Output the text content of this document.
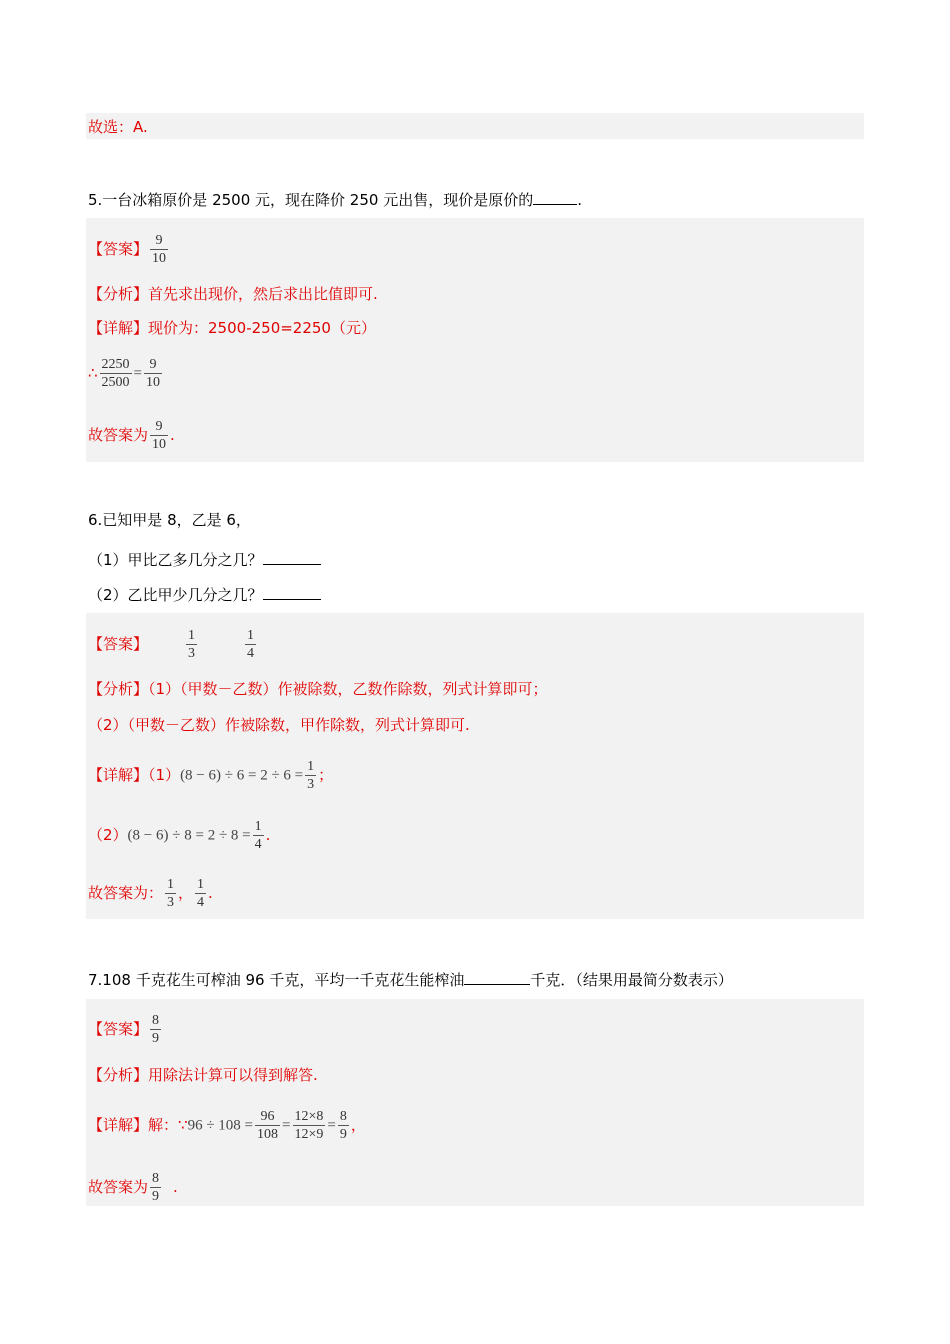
故选：A.
5.一台冰箱原价是 2500 元，现在降价 250 元出售，现价是原价的	.
【答案】 $\frac{9}{10}$
【分析】首先求出现价，然后求出比值即可.
【详解】现价为：2500-250=2250（元）
∴ $\frac{2250}{2500} = \frac{9}{10}$
故答案为 $\frac{9}{10}$ .
6.已知甲是 8，乙是 6，
（1）甲比乙多几分之几？
（2）乙比甲少几分之几？
【答案】	$\frac{1}{3}$	$\frac{1}{4}$
【分析】（1）（甲数－乙数）作被除数，乙数作除数，列式计算即可；
（2）（甲数－乙数）作被除数，甲作除数，列式计算即可.
【详解】$(1)(8 - 6) \div 6 = 2 \div 6 = \frac{1}{3}$ ；
$(2)(8 - 6) \div 8 = 2 \div 8 = \frac{1}{4}$ .
故答案为： $\frac{1}{3}$ ， $\frac{1}{4}$ .
7.108 千克花生可榨油 96 千克，平均一千克花生能榨油	千克．（结果用最简分数表示）
【答案】 $\frac{8}{9}$
【分析】用除法计算可以得到解答.
【详解】解：∵96 ÷ $108 = \frac{96}{108} = \frac{12\times 8}{12\times 9} = \frac{8}{9}$ ，
故答案为 $\frac{8}{9}$ .
